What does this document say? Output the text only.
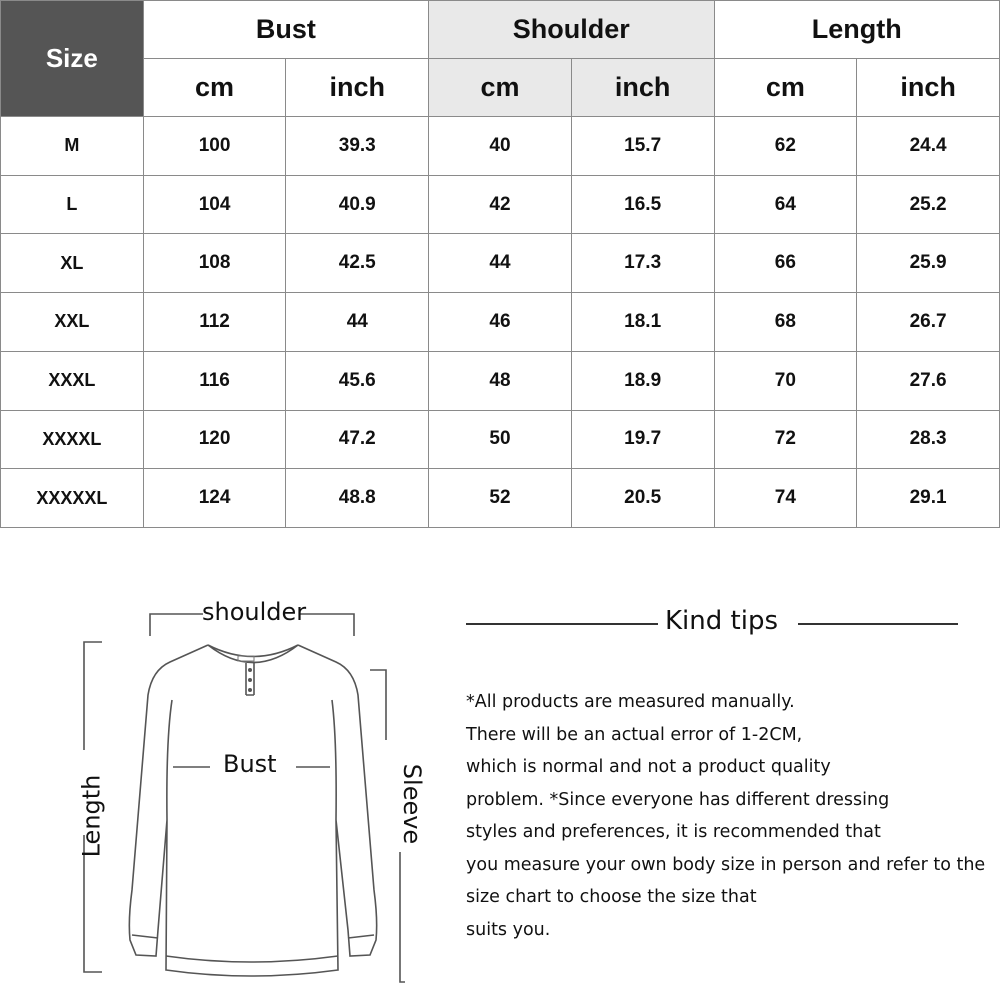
Size	Bust		Shoulder		Length	
	cm	inch	cm	inch	cm	inch
M	100	39.3	40	15.7	62	24.4
L	104	40.9	42	16.5	64	25.2
XL	108	42.5	44	17.3	66	25.9
XXL	112	44	46	18.1	68	26.7
XXXL	116	45.6	48	18.9	70	27.6
XXXXL	120	47.2	50	19.7	72	28.3
XXXXXL	124	48.8	52	20.5	74	29.1
shoulder
Bust
Length	Sleeve
Kind tips
*All products are measured manually.
There will be an actual error of 1-2CM,
which is normal and not a product quality
problem. *Since everyone has different dressing
styles and preferences, it is recommended that
you measure your own body size in person and refer to the
size chart to choose the size that
suits you.
